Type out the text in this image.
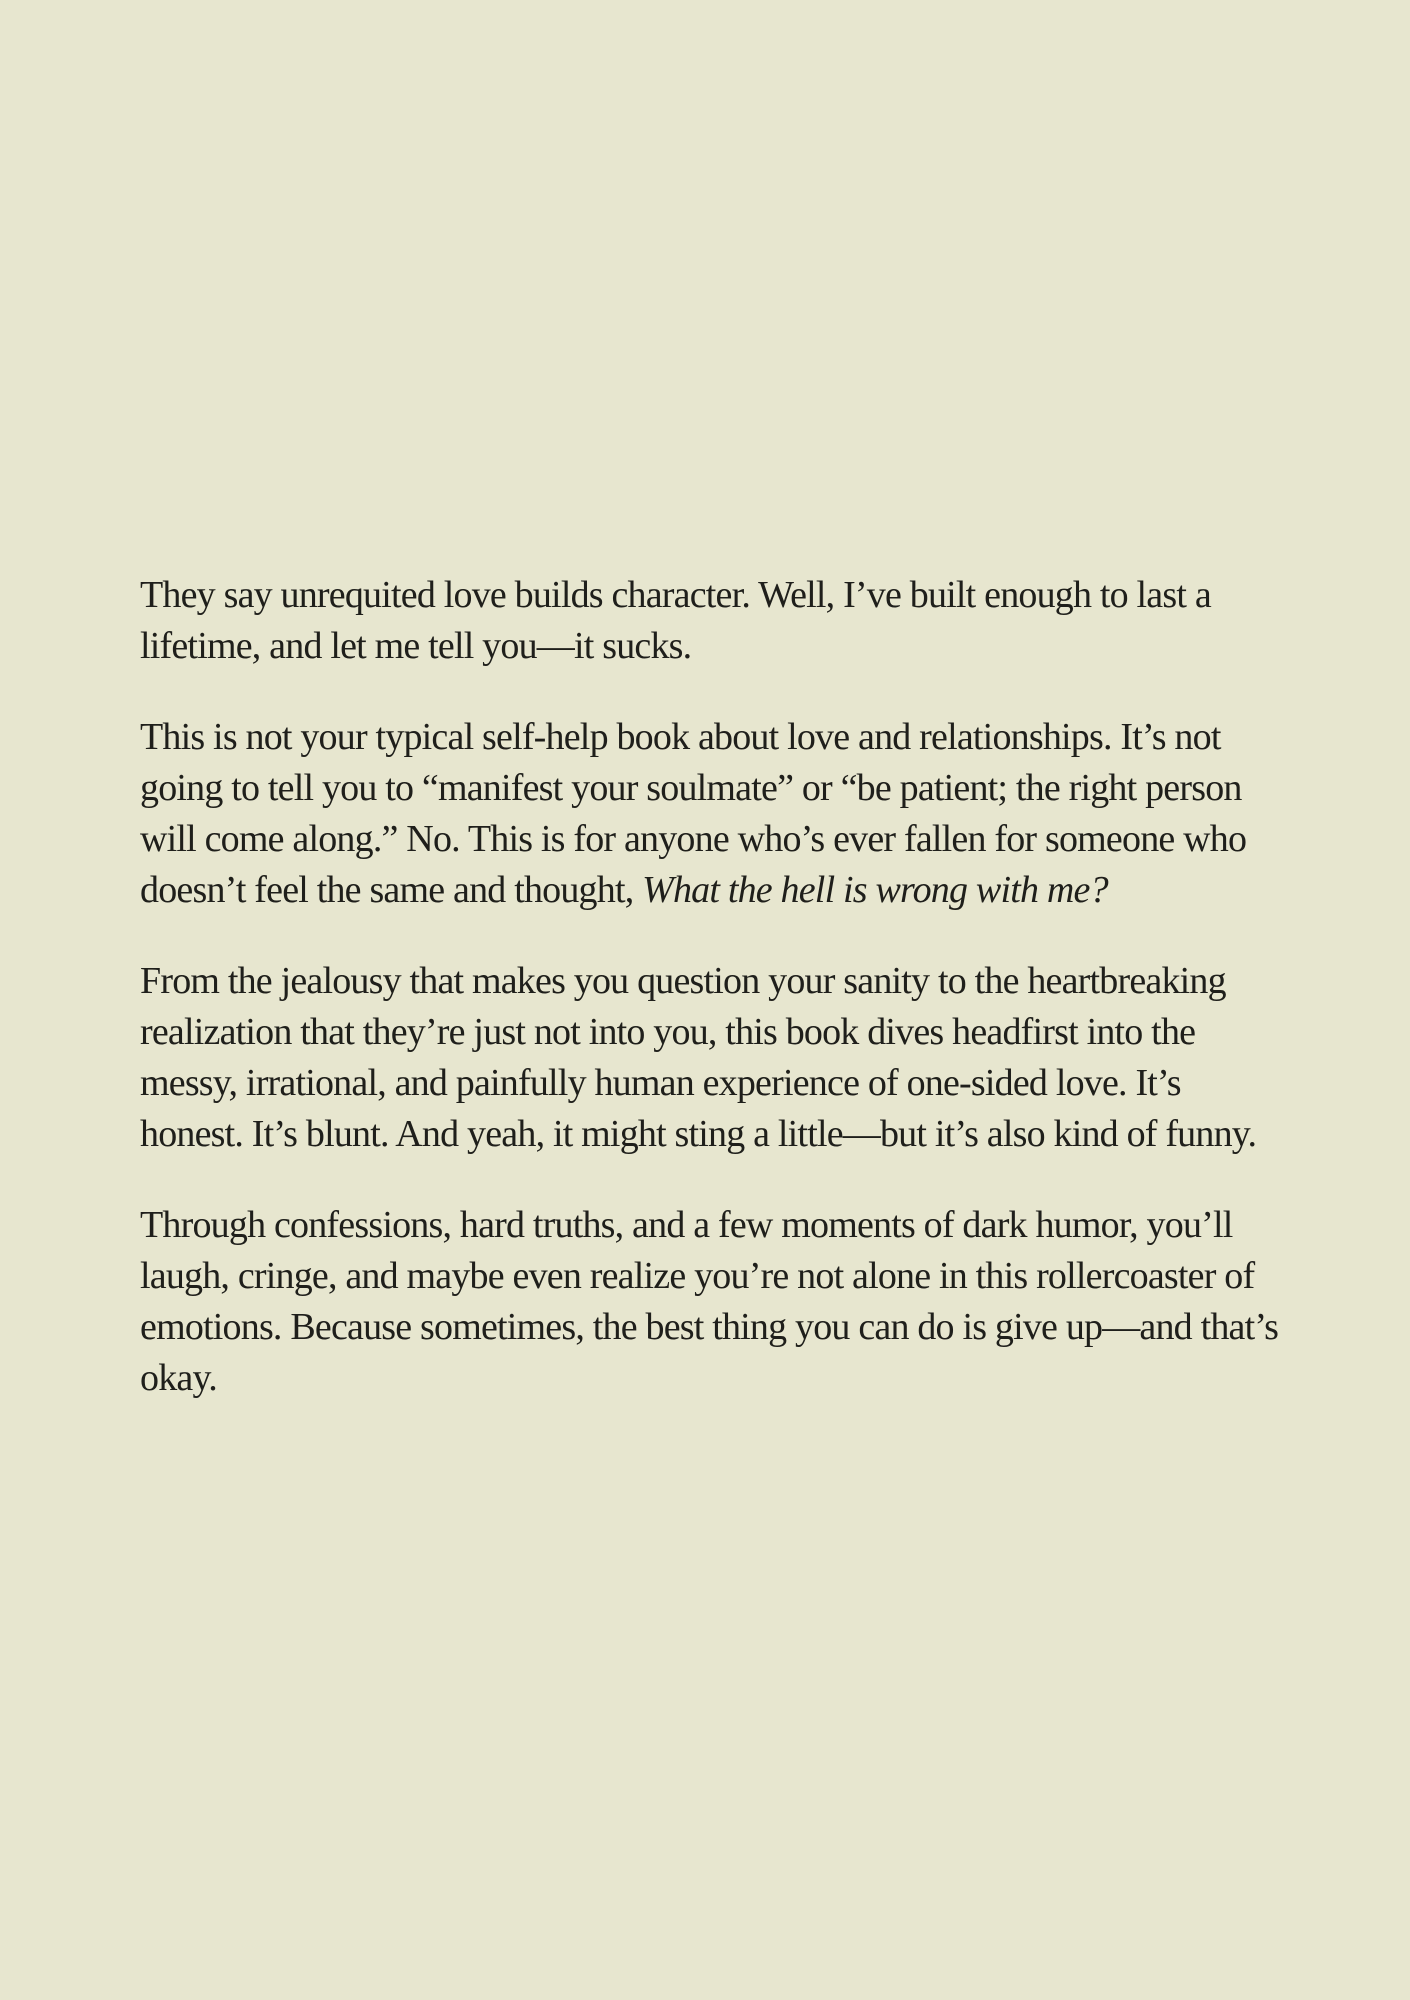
They say unrequited love builds character. Well, I’ve built enough to last a lifetime, and let me tell you—it sucks.

This is not your typical self-help book about love and relationships. It’s not going to tell you to “manifest your soulmate” or “be patient; the right person will come along.” No. This is for anyone who’s ever fallen for someone who doesn’t feel the same and thought, What the hell is wrong with me?

From the jealousy that makes you question your sanity to the heartbreaking realization that they’re just not into you, this book dives headfirst into the messy, irrational, and painfully human experience of one-sided love. It’s honest. It’s blunt. And yeah, it might sting a little—but it’s also kind of funny.

Through confessions, hard truths, and a few moments of dark humor, you’ll laugh, cringe, and maybe even realize you’re not alone in this rollercoaster of emotions. Because sometimes, the best thing you can do is give up—and that’s okay.
